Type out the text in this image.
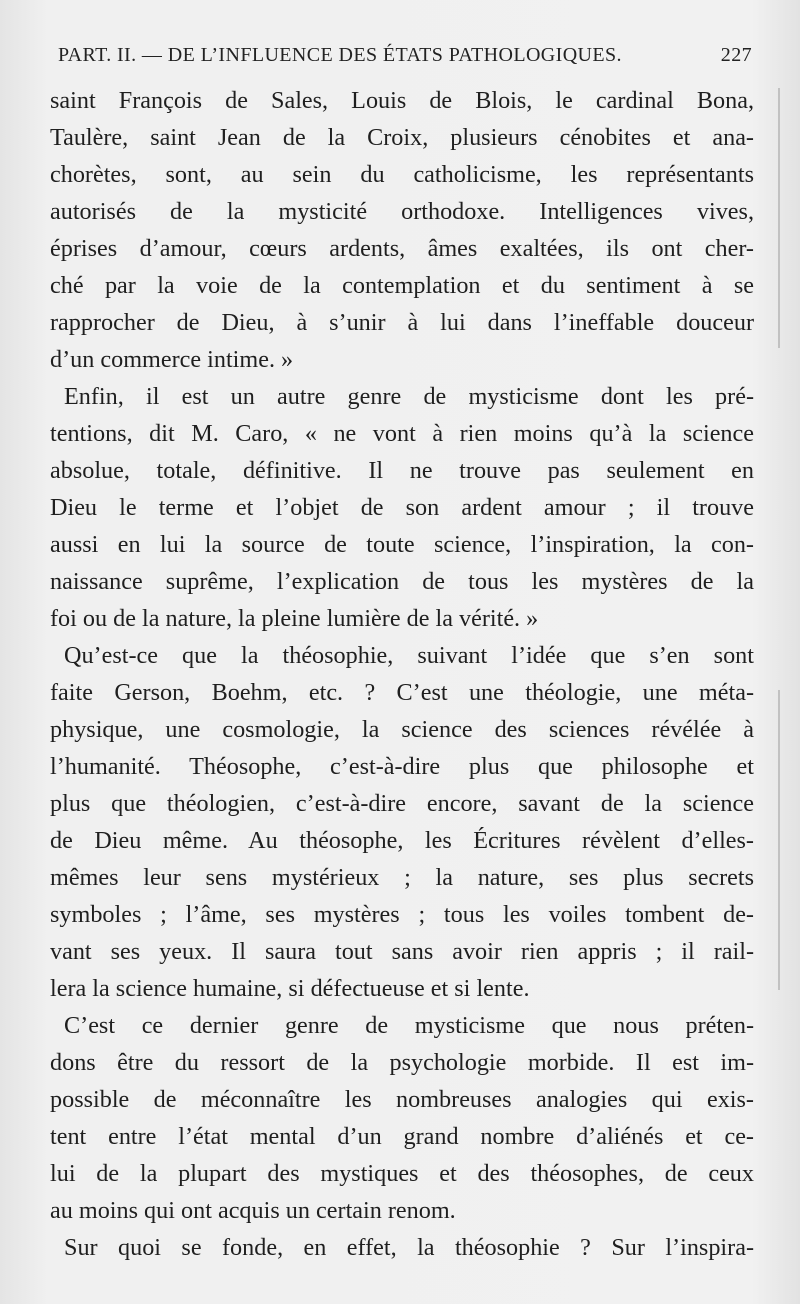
PART. II. — DE L’INFLUENCE DES ÉTATS PATHOLOGIQUES.	227
saint François de Sales, Louis de Blois, le cardinal Bona,
Taulère, saint Jean de la Croix, plusieurs cénobites et ana-
chorètes, sont, au sein du catholicisme, les représentants
autorisés de la mysticité orthodoxe. Intelligences vives,
éprises d’amour, cœurs ardents, âmes exaltées, ils ont cher-
ché par la voie de la contemplation et du sentiment à se
rapprocher de Dieu, à s’unir à lui dans l’ineffable douceur
d’un commerce intime. »
Enfin, il est un autre genre de mysticisme dont les pré-
tentions, dit M. Caro, « ne vont à rien moins qu’à la science
absolue, totale, définitive. Il ne trouve pas seulement en
Dieu le terme et l’objet de son ardent amour ; il trouve
aussi en lui la source de toute science, l’inspiration, la con-
naissance suprême, l’explication de tous les mystères de la
foi ou de la nature, la pleine lumière de la vérité. »
Qu’est-ce que la théosophie, suivant l’idée que s’en sont
faite Gerson, Boehm, etc. ? C’est une théologie, une méta-
physique, une cosmologie, la science des sciences révélée à
l’humanité. Théosophe, c’est-à-dire plus que philosophe et
plus que théologien, c’est-à-dire encore, savant de la science
de Dieu même. Au théosophe, les Écritures révèlent d’elles-
mêmes leur sens mystérieux ; la nature, ses plus secrets
symboles ; l’âme, ses mystères ; tous les voiles tombent de-
vant ses yeux. Il saura tout sans avoir rien appris ; il rail-
lera la science humaine, si défectueuse et si lente.
C’est ce dernier genre de mysticisme que nous préten-
dons être du ressort de la psychologie morbide. Il est im-
possible de méconnaître les nombreuses analogies qui exis-
tent entre l’état mental d’un grand nombre d’aliénés et ce-
lui de la plupart des mystiques et des théosophes, de ceux
au moins qui ont acquis un certain renom.
Sur quoi se fonde, en effet, la théosophie ? Sur l’inspira-
